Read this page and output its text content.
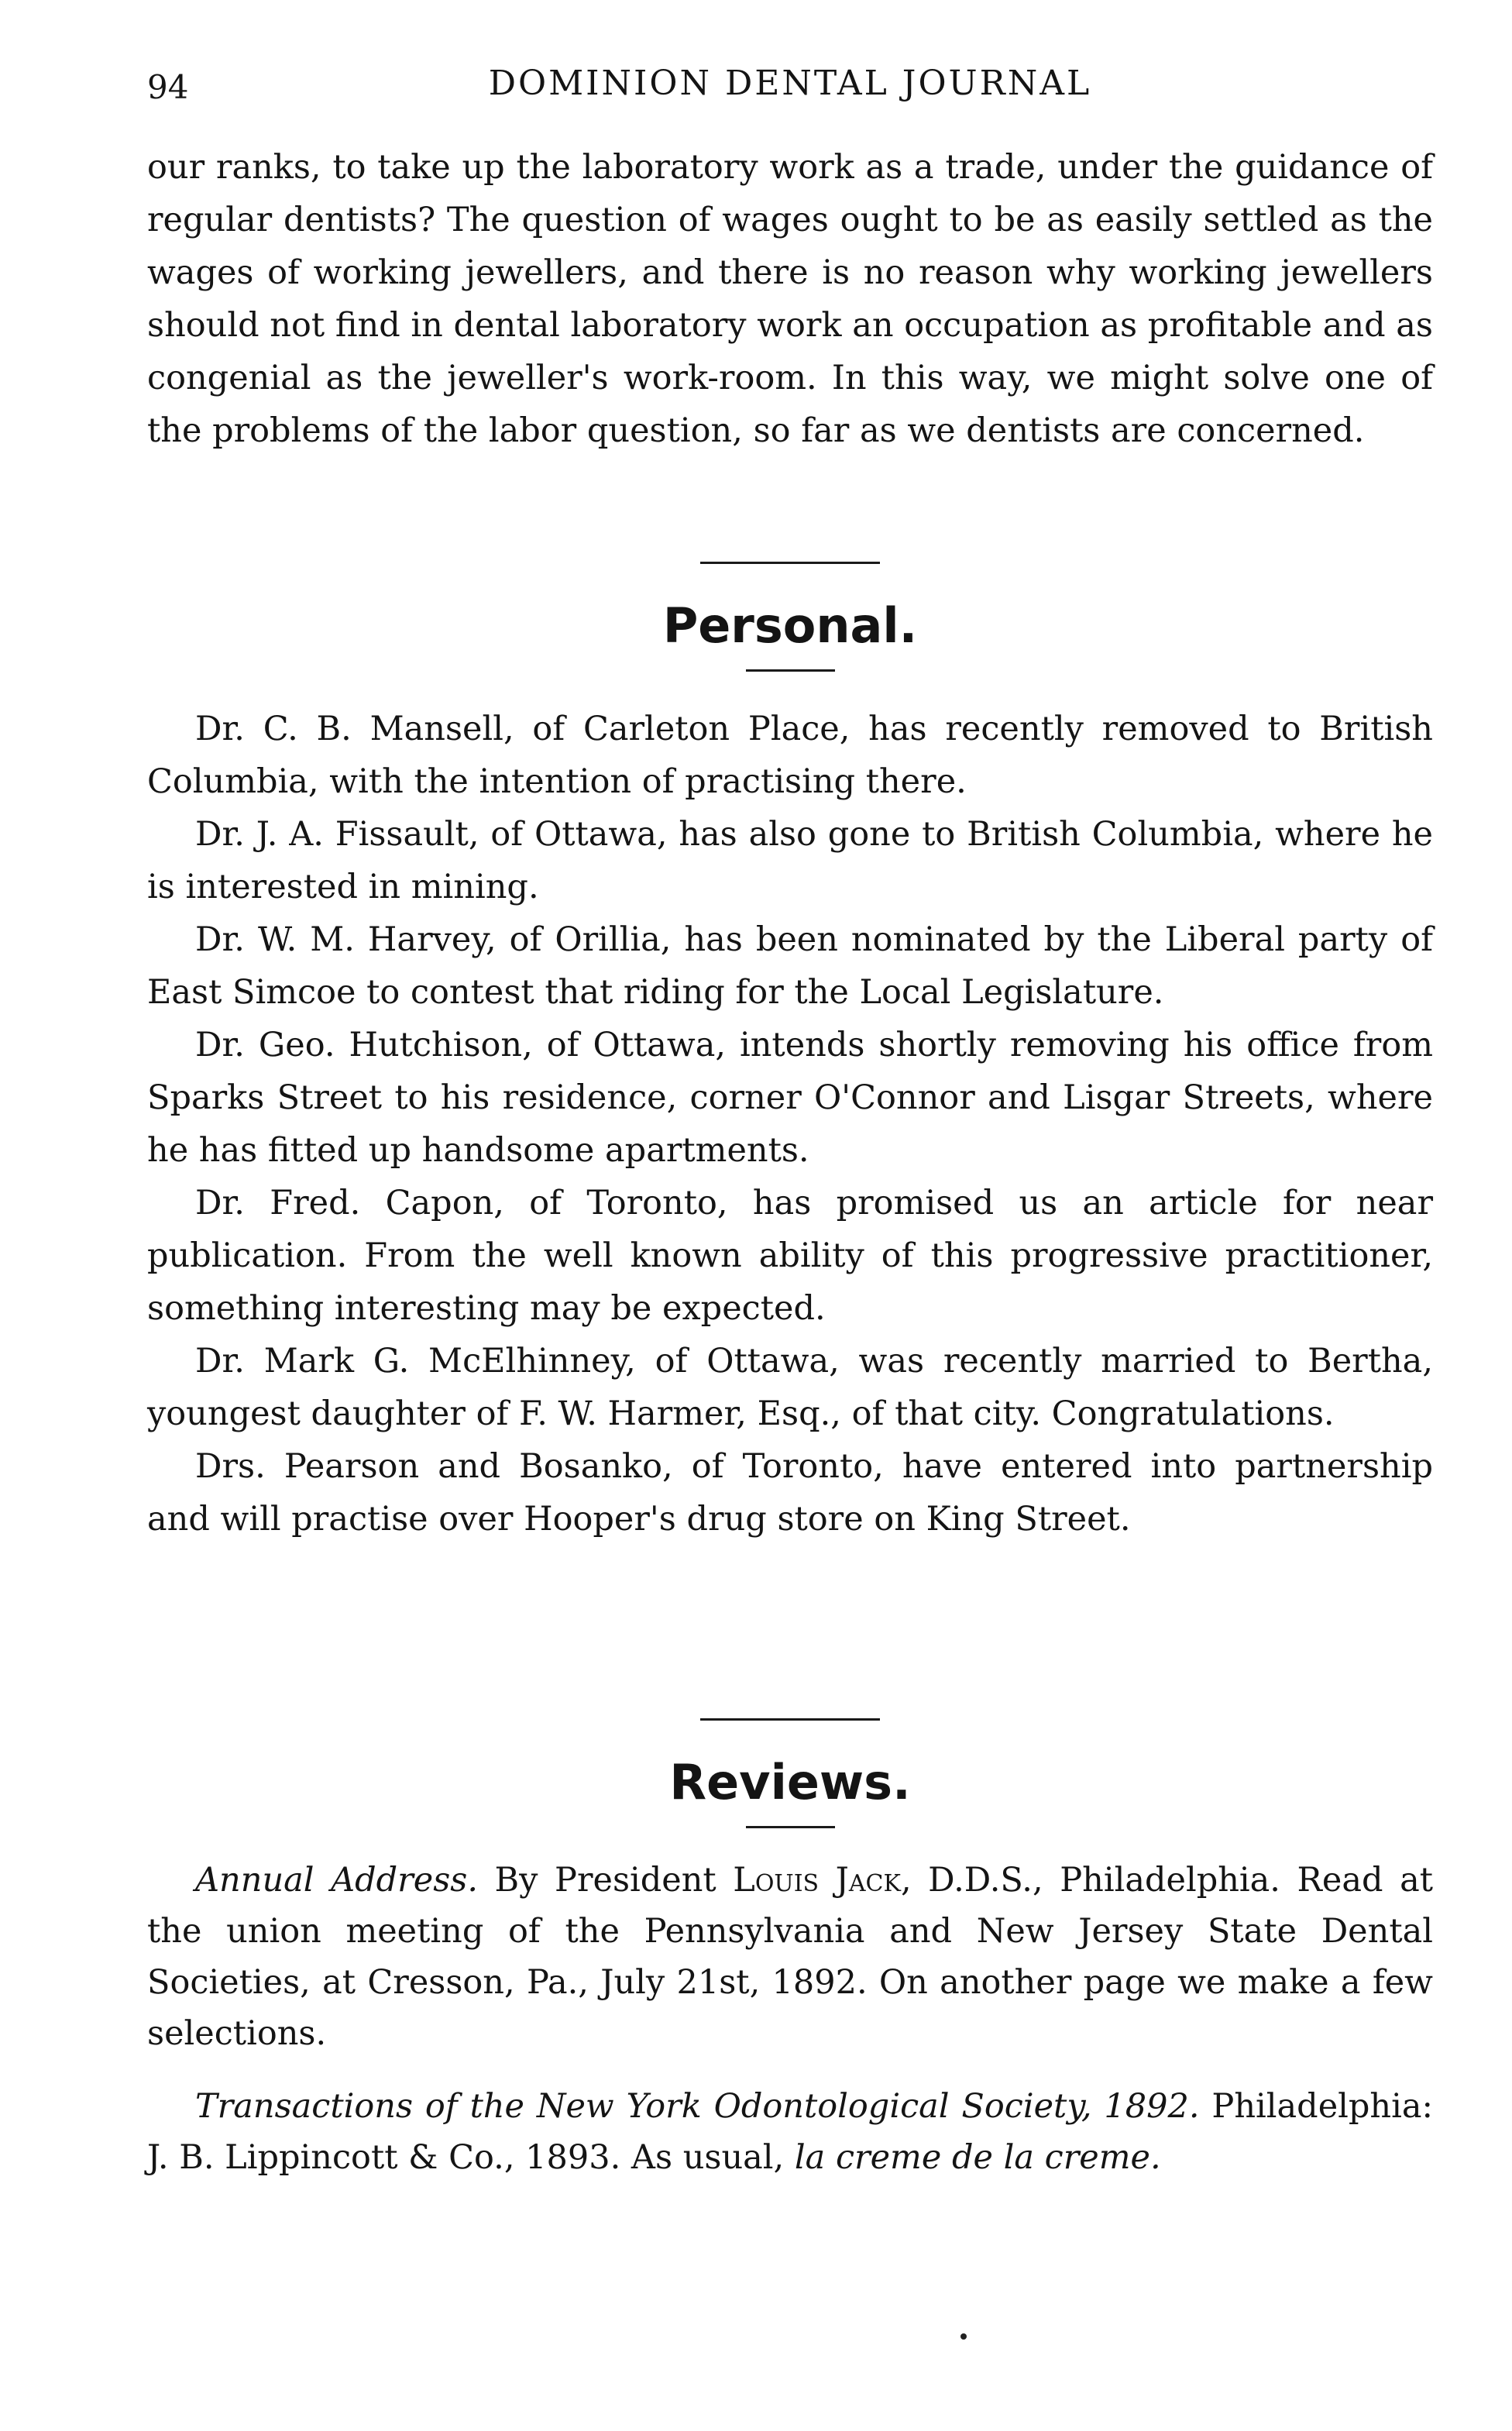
94	DOMINION DENTAL JOURNAL

our ranks, to take up the laboratory work as a trade, under the guidance of regular dentists? The question of wages ought to be as easily settled as the wages of working jewellers, and there is no reason why working jewellers should not find in dental laboratory work an occupation as profitable and as congenial as the jeweller's work-room. In this way, we might solve one of the problems of the labor question, so far as we dentists are concerned.

Personal.

Dr. C. B. Mansell, of Carleton Place, has recently removed to British Columbia, with the intention of practising there.

Dr. J. A. Fissault, of Ottawa, has also gone to British Columbia, where he is interested in mining.

Dr. W. M. Harvey, of Orillia, has been nominated by the Liberal party of East Simcoe to contest that riding for the Local Legislature.

Dr. Geo. Hutchison, of Ottawa, intends shortly removing his office from Sparks Street to his residence, corner O'Connor and Lisgar Streets, where he has fitted up handsome apartments.

Dr. Fred. Capon, of Toronto, has promised us an article for near publication. From the well known ability of this progressive practitioner, something interesting may be expected.

Dr. Mark G. McElhinney, of Ottawa, was recently married to Bertha, youngest daughter of F. W. Harmer, Esq., of that city. Congratulations.

Drs. Pearson and Bosanko, of Toronto, have entered into partnership and will practise over Hooper's drug store on King Street.

Reviews.

Annual Address. By President Louis Jack, D.D.S., Philadelphia. Read at the union meeting of the Pennsylvania and New Jersey State Dental Societies, at Cresson, Pa., July 21st, 1892. On another page we make a few selections.

Transactions of the New York Odontological Society, 1892. Philadelphia: J. B. Lippincott & Co., 1893. As usual, la creme de la creme.
